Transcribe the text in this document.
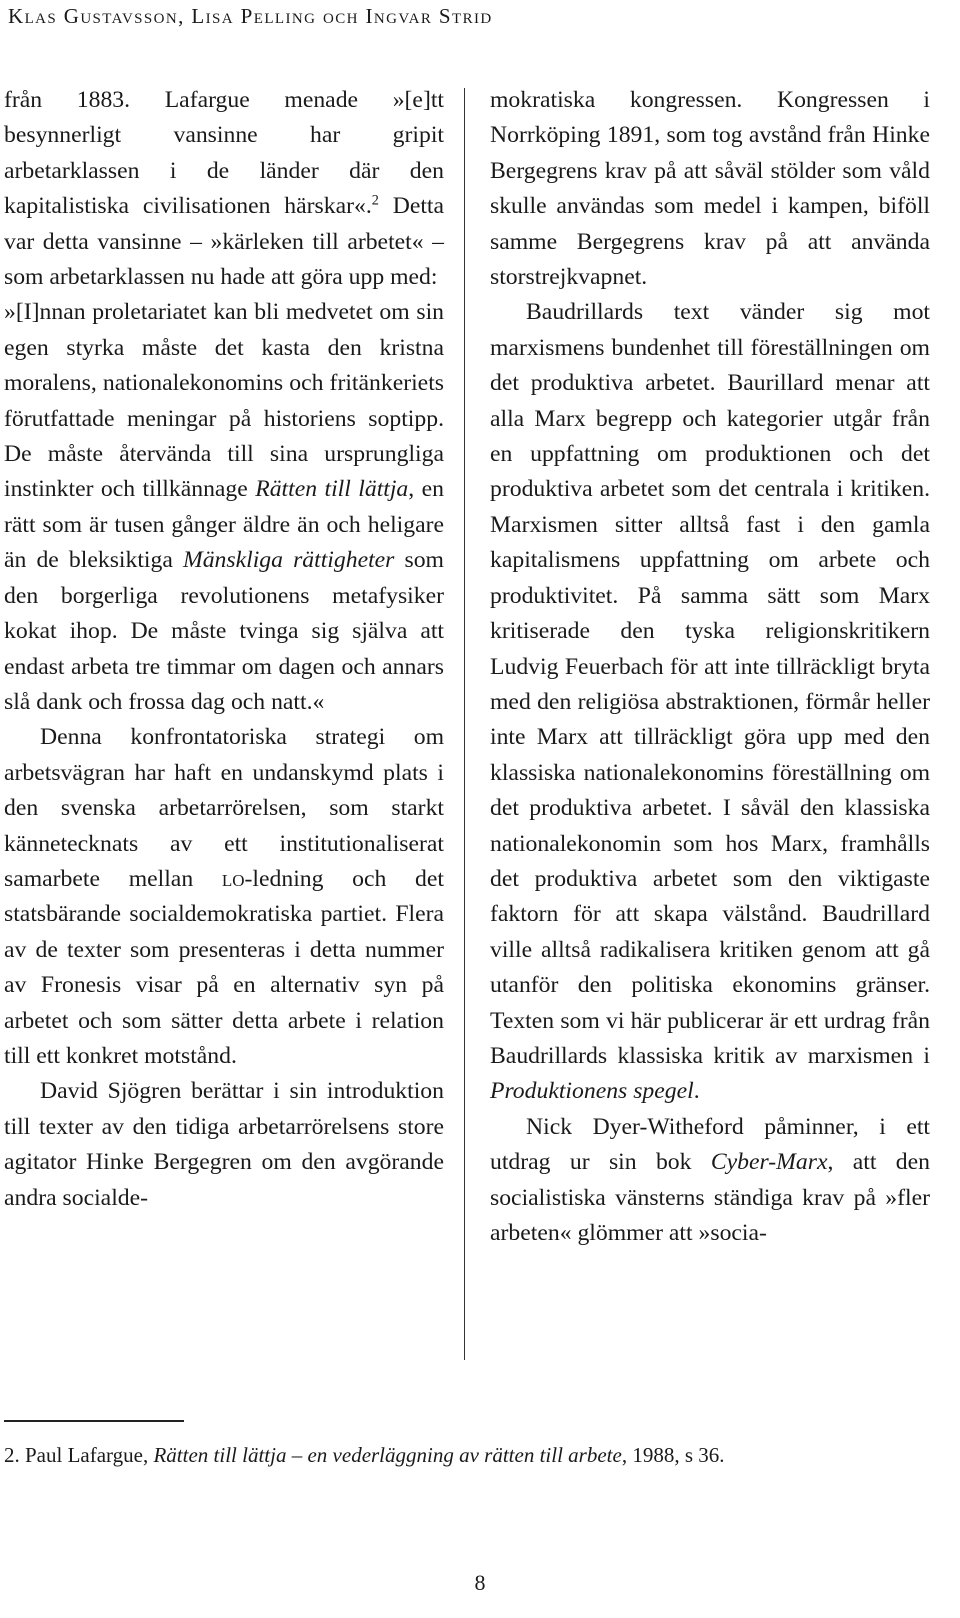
Klas Gustavsson, Lisa Pelling och Ingvar Strid

från 1883. Lafargue menade »[e]tt besynnerligt vansinne har gripit arbetarklassen i de länder där den kapitalistiska civilisationen härskar«.$^2$ Detta var detta vansinne – »kärleken till arbetet« – som arbetarklassen nu hade att göra upp med:

»[I]nnan proletariatet kan bli medvetet om sin egen styrka måste det kasta den kristna moralens, nationalekonomins och fritänkeriets förutfattade meningar på historiens soptipp. De måste återvända till sina ursprungliga instinkter och tillkännage Rätten till lättja, en rätt som är tusen gånger äldre än och heligare än de bleksiktiga Mänskliga rättigheter som den borgerliga revolutionens metafysiker kokat ihop. De måste tvinga sig själva att endast arbeta tre timmar om dagen och annars slå dank och frossa dag och natt.«

Denna konfrontatoriska strategi om arbetsvägran har haft en undanskymd plats i den svenska arbetarrörelsen, som starkt kännetecknats av ett institutionaliserat samarbete mellan lo-ledning och det statsbärande socialdemokratiska partiet. Flera av de texter som presenteras i detta nummer av Fronesis visar på en alternativ syn på arbetet och som sätter detta arbete i relation till ett konkret motstånd.

David Sjögren berättar i sin introduktion till texter av den tidiga arbetarrörelsens store agitator Hinke Bergegren om den avgörande andra socialde-

mokratiska kongressen. Kongressen i Norrköping 1891, som tog avstånd från Hinke Bergegrens krav på att såväl stölder som våld skulle användas som medel i kampen, biföll samme Bergegrens krav på att använda storstrejkvapnet.

Baudrillards text vänder sig mot marxismens bundenhet till föreställningen om det produktiva arbetet. Baurillard menar att alla Marx begrepp och kategorier utgår från en uppfattning om produktionen och det produktiva arbetet som det centrala i kritiken. Marxismen sitter alltså fast i den gamla kapitalismens uppfattning om arbete och produktivitet. På samma sätt som Marx kritiserade den tyska religionskritikern Ludvig Feuerbach för att inte tillräckligt bryta med den religiösa abstraktionen, förmår heller inte Marx att tillräckligt göra upp med den klassiska nationalekonomins föreställning om det produktiva arbetet. I såväl den klassiska nationalekonomin som hos Marx, framhålls det produktiva arbetet som den viktigaste faktorn för att skapa välstånd. Baudrillard ville alltså radikalisera kritiken genom att gå utanför den politiska ekonomins gränser. Texten som vi här publicerar är ett urdrag från Baudrillards klassiska kritik av marxismen i Produktionens spegel.

Nick Dyer-Witheford påminner, i ett utdrag ur sin bok Cyber-Marx, att den socialistiska vänsterns ständiga krav på »fler arbeten« glömmer att »socia-

2. Paul Lafargue, Rätten till lättja – en vederläggning av rätten till arbete, 1988, s 36.
8
